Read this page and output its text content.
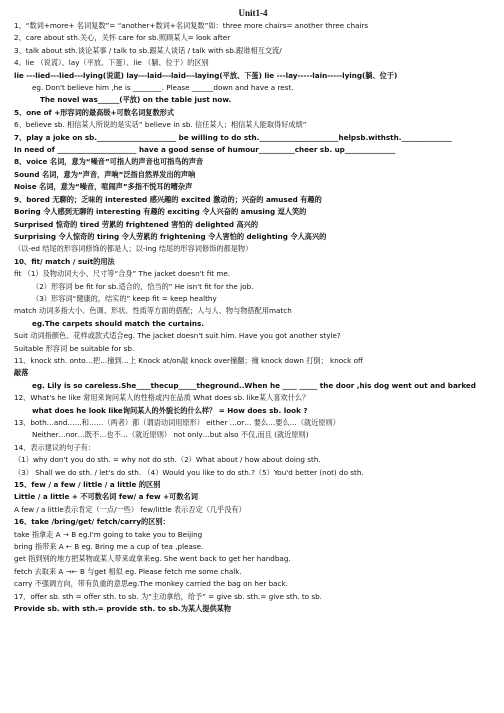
Unit1-4
1、“数词+more+ 名词复数”= “another+数词+名词复数”如：three more chairs= another three chairs
2、care about sth.关心，关怀 care for sb.照顾某人= look after
3、talk about sth.谈论某事 / talk to sb.跟某人谈话 / talk with sb.跟谁相互交流/
4、lie （说谎）、lay（平放、下蛋）、lie （躺、位于）的区别
lie ---lied---lied---lying(说谎) lay---laid---laid---laying(平放、下蛋) lie ---lay-----lain-----lying(躺、位于)
eg. Don't believe him ,he is ________. Please ______down and have a rest.
The novel was______(平放) on the table just now.
5、one of +形容词的最高级+可数名词复数形式
6、believe sb. 相信某人所说的是实话” believe in sb. 信任某人；相信某人能取得好成绩”
7、play a joke on sb.______________________ be willing to do sth.______________________helpsb.withsth.______________
In need of ______________________ have a good sense of humour__________cheer sb. up______________
8、voice 名词，意为“噪音”可指人的声音也可指鸟的声音
Sound 名词，意为“声音，声响”泛指自然界发出的声响
Noise 名词，意为“噪音，喧闹声”多指不悦耳的嘈杂声
9、bored 无聊的；乏味的 interested 感兴趣的 excited 激动的；兴奋的 amused 有趣的
Boring 令人感到无聊的 interesting 有趣的 exciting 令人兴奋的 amusing 逗人笑的
Surprised 惊奇的 tired 劳累的 frightened 害怕的 delighted 高兴的
Surprising 令人惊奇的 tiring 令人劳累的 frightening 令人害怕的 delighting 令人高兴的
（以-ed 结尾的形容词修饰的都是人；以-ing 结尾的形容词修饰的都是物）
10、fit/ match / suit的用法
fit （1）及物动词大小、尺寸等“合身” The jacket doesn't fit me.
（2）形容词 be fit for sb.适合的，恰当的” He isn't fit for the job.
（3）形容词“健康的，结实的” keep fit = keep healthy
match 动词多指大小、色调、形状、性质等方面的搭配；人与人、物与物搭配用match
eg.The carpets should match the curtains.
Suit 动词指颜色、花样或款式适合eg. The jacket doesn't suit him. Have you got another style?
Suitable 形容词 be suitable for sb.
11、knock sth. onto…把…撞到…上 Knock at/on敲 knock over撞翻；撞 knock down 打倒； knock off
敲落
eg. Lily is so careless.She____thecup_____theground..When he ____ _____ the door ,his dog went out and barked
12、What's he like 常用来询问某人的性格或内在品质 What does sb. like某人喜欢什么？
what does he look like询问某人的外貌长的什么样？ = How does sb. look ?
13、both…and……和……（两者）都（谓语动词用原形） either …or… 要么…要么…（就近原则）
Neither…nor…既不…也不…（就近原则） not only…but also 不仅,而且 (就近原则)
14、表示建议的句子有：
（1）why don't you do sth. = why not do sth.（2）What about / how about doing sth.
（3） Shall we do sth. / let's do sth. （4）Would you like to do sth.?（5）You'd better (not) do sth.
15、few / a few / little / a little 的区别
Little / a little + 不可数名词 few/ a few +可数名词
A few / a little表示肯定（一点/一些） few/little 表示否定（几乎没有）
16、take /bring/get/ fetch/carry的区别：
take 指拿走 A → B eg.I'm going to take you to Beijing
bring 指带来 A ← B eg. Bring me a cup of tea ,please.
get 指到别的地方把某物或某人带来或拿来eg. She went back to get her handbag.
fetch 去取来 A →← B 与get 相似 eg. Please fetch me some chalk.
carry 不强调方向，带有负重的意思eg.The monkey carried the bag on her back.
17、offer sb. sth = offer sth. to sb. 为“主动拿给，给予” = give sb. sth.= give sth. to sb.
Provide sb. with sth.= provide sth. to sb.为某人提供某物
